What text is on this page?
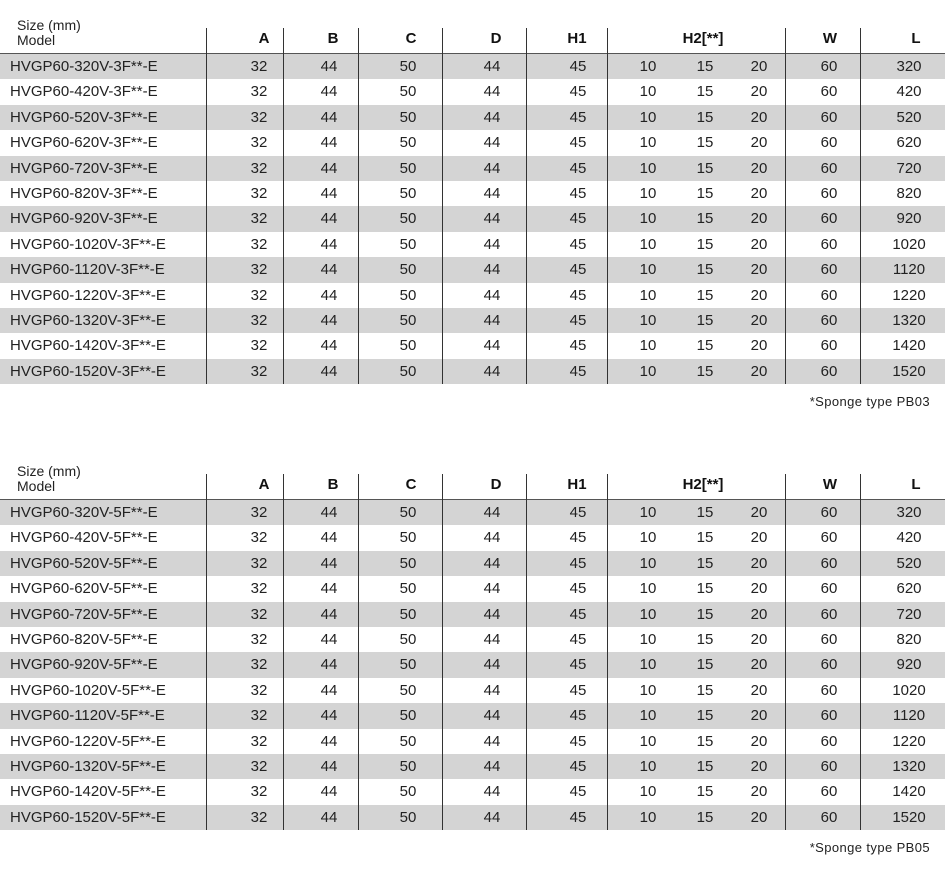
Size (mm)
Model	A	B	C	D	H1	H2[**]	W	L
HVGP60-320V-3F**-E	32	44	50	44	45	10	15	20	60	320
HVGP60-420V-3F**-E	32	44	50	44	45	10	15	20	60	420
HVGP60-520V-3F**-E	32	44	50	44	45	10	15	20	60	520
HVGP60-620V-3F**-E	32	44	50	44	45	10	15	20	60	620
HVGP60-720V-3F**-E	32	44	50	44	45	10	15	20	60	720
HVGP60-820V-3F**-E	32	44	50	44	45	10	15	20	60	820
HVGP60-920V-3F**-E	32	44	50	44	45	10	15	20	60	920
HVGP60-1020V-3F**-E	32	44	50	44	45	10	15	20	60	1020
HVGP60-1120V-3F**-E	32	44	50	44	45	10	15	20	60	1120
HVGP60-1220V-3F**-E	32	44	50	44	45	10	15	20	60	1220
HVGP60-1320V-3F**-E	32	44	50	44	45	10	15	20	60	1320
HVGP60-1420V-3F**-E	32	44	50	44	45	10	15	20	60	1420
HVGP60-1520V-3F**-E	32	44	50	44	45	10	15	20	60	1520
*Sponge type PB03
Size (mm)
Model	A	B	C	D	H1	H2[**]	W	L
HVGP60-320V-5F**-E	32	44	50	44	45	10	15	20	60	320
HVGP60-420V-5F**-E	32	44	50	44	45	10	15	20	60	420
HVGP60-520V-5F**-E	32	44	50	44	45	10	15	20	60	520
HVGP60-620V-5F**-E	32	44	50	44	45	10	15	20	60	620
HVGP60-720V-5F**-E	32	44	50	44	45	10	15	20	60	720
HVGP60-820V-5F**-E	32	44	50	44	45	10	15	20	60	820
HVGP60-920V-5F**-E	32	44	50	44	45	10	15	20	60	920
HVGP60-1020V-5F**-E	32	44	50	44	45	10	15	20	60	1020
HVGP60-1120V-5F**-E	32	44	50	44	45	10	15	20	60	1120
HVGP60-1220V-5F**-E	32	44	50	44	45	10	15	20	60	1220
HVGP60-1320V-5F**-E	32	44	50	44	45	10	15	20	60	1320
HVGP60-1420V-5F**-E	32	44	50	44	45	10	15	20	60	1420
HVGP60-1520V-5F**-E	32	44	50	44	45	10	15	20	60	1520
*Sponge type PB05
